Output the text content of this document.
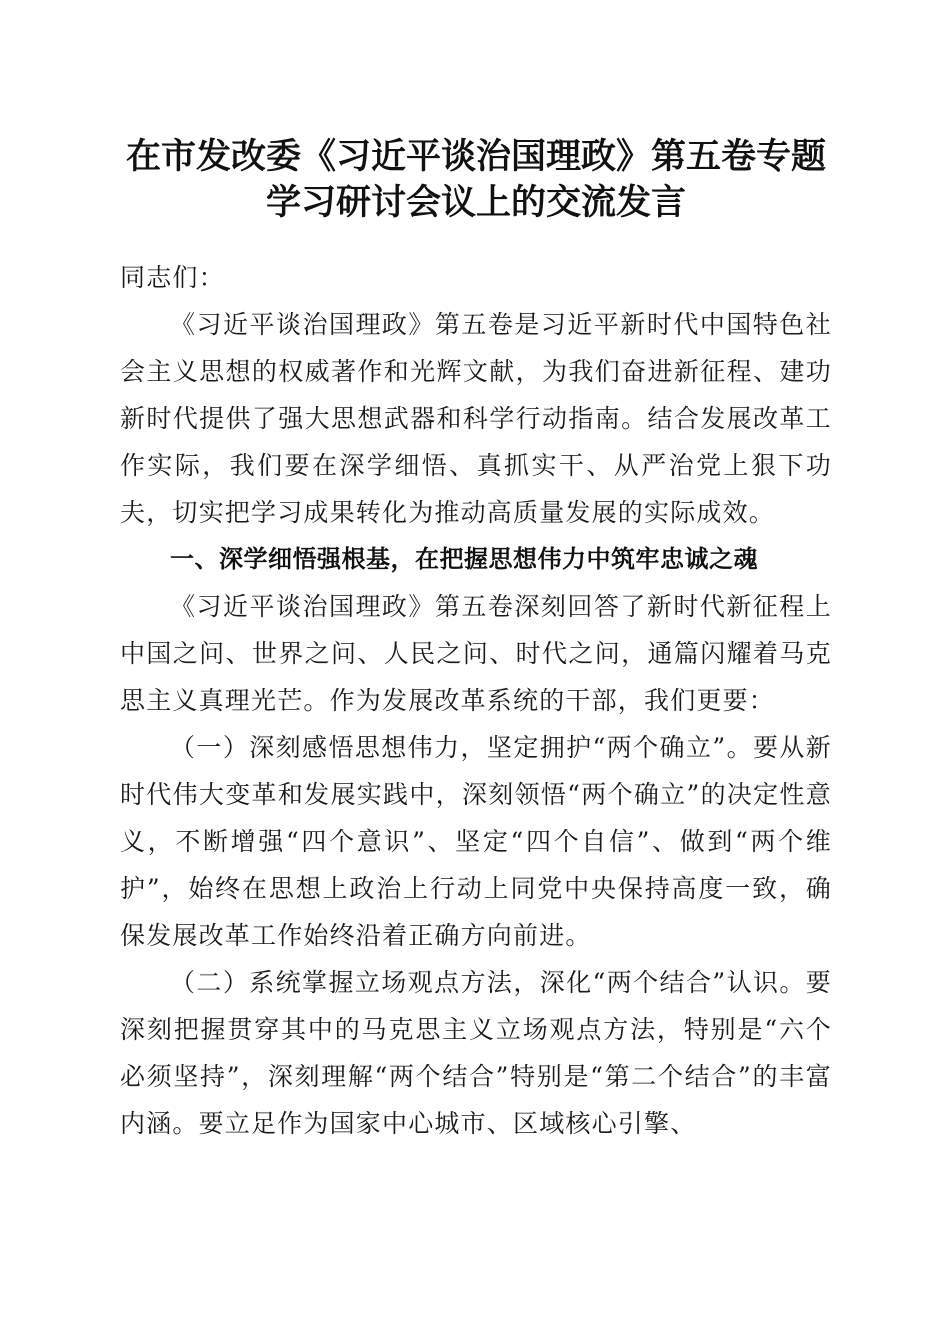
在市发改委《习近平谈治国理政》第五卷专题
学习研讨会议上的交流发言

同志们：

《习近平谈治国理政》第五卷是习近平新时代中国特色社会主义思想的权威著作和光辉文献，为我们奋进新征程、建功新时代提供了强大思想武器和科学行动指南。结合发展改革工作实际，我们要在深学细悟、真抓实干、从严治党上狠下功夫，切实把学习成果转化为推动高质量发展的实际成效。

一、深学细悟强根基，在把握思想伟力中筑牢忠诚之魂

《习近平谈治国理政》第五卷深刻回答了新时代新征程上中国之问、世界之问、人民之问、时代之问，通篇闪耀着马克思主义真理光芒。作为发展改革系统的干部，我们更要：

（一）深刻感悟思想伟力，坚定拥护“两个确立”。要从新时代伟大变革和发展实践中，深刻领悟“两个确立”的决定性意义，不断增强“四个意识”、坚定“四个自信”、做到“两个维护”，始终在思想上政治上行动上同党中央保持高度一致，确保发展改革工作始终沿着正确方向前进。

（二）系统掌握立场观点方法，深化“两个结合”认识。要深刻把握贯穿其中的马克思主义立场观点方法，特别是“六个必须坚持”，深刻理解“两个结合”特别是“第二个结合”的丰富内涵。要立足作为国家中心城市、区域核心引擎、
